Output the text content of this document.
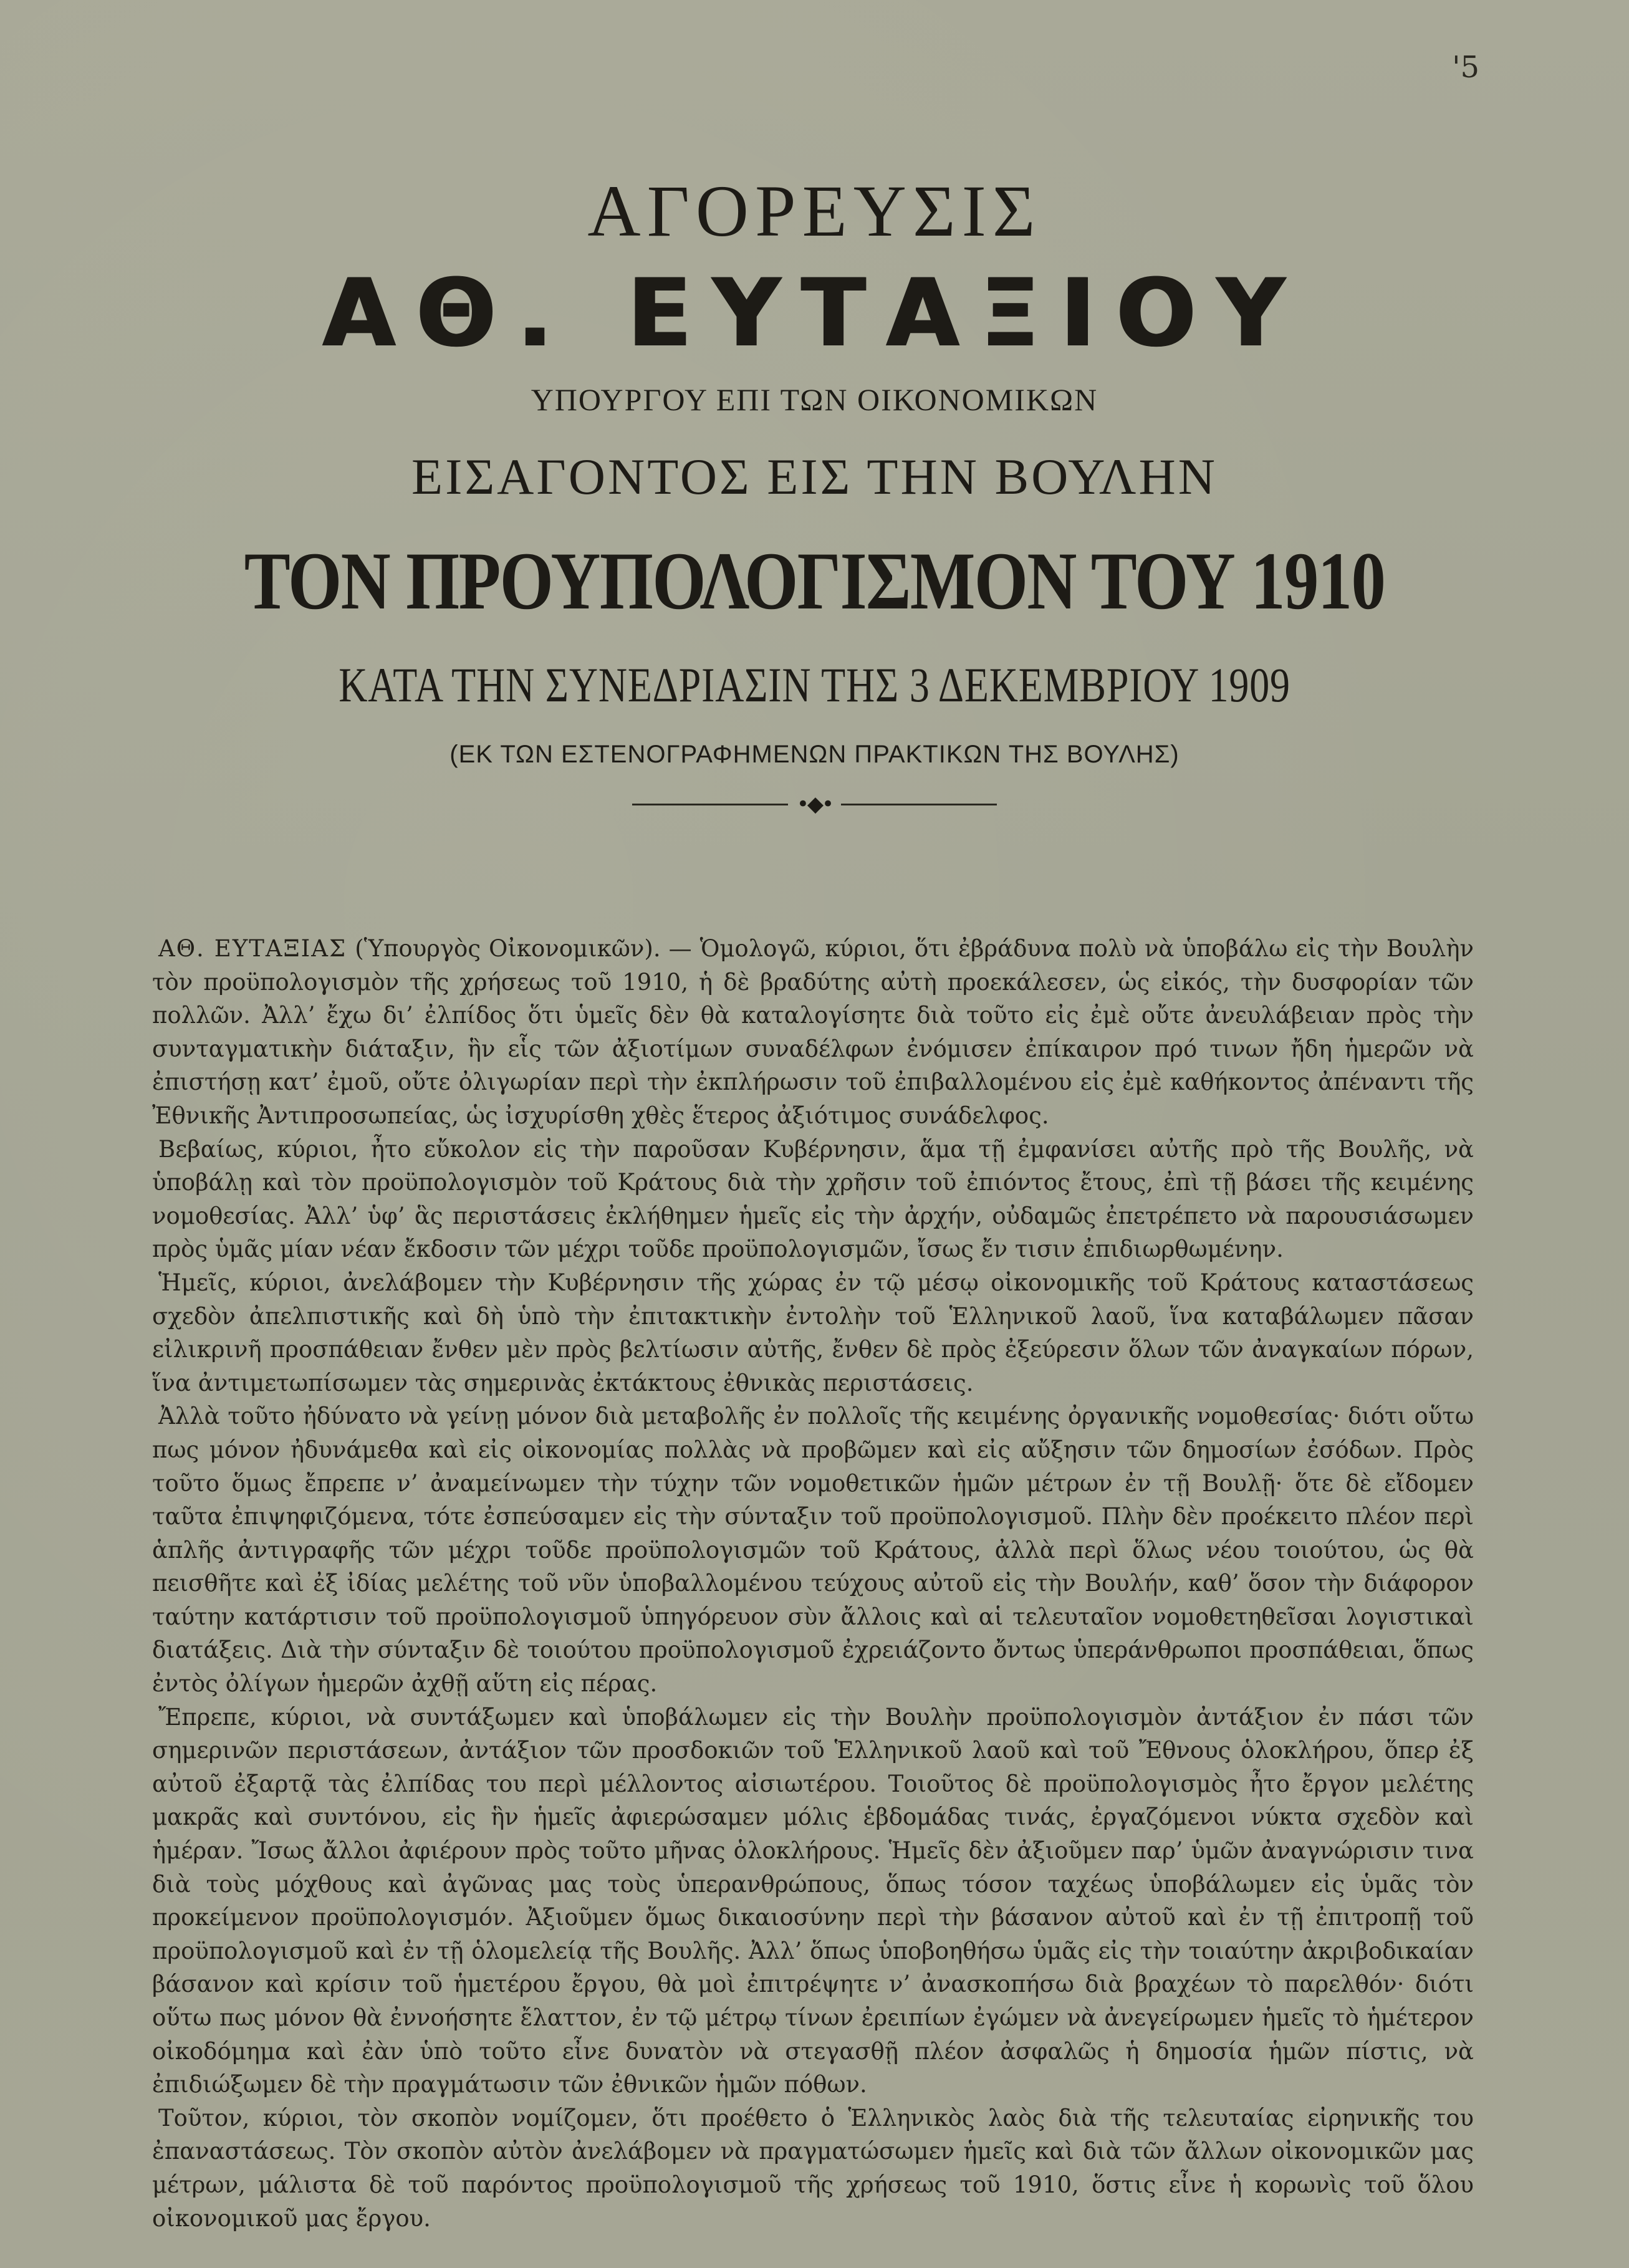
'5
ΑΓΟΡΕΥΣΙΣ
ΑΘ. ΕΥΤΑΞΙΟΥ
ΥΠΟΥΡΓΟΥ ΕΠΙ ΤΩΝ ΟΙΚΟΝΟΜΙΚΩΝ
ΕΙΣΑΓΟΝΤΟΣ ΕΙΣ ΤΗΝ ΒΟΥΛΗΝ
ΤΟΝ ΠΡΟΥΠΟΛΟΓΙΣΜΟΝ ΤΟΥ 1910
ΚΑΤΑ ΤΗΝ ΣΥΝΕΔΡΙΑΣΙΝ ΤΗΣ 3 ΔΕΚΕΜΒΡΙΟΥ 1909
(ΕΚ ΤΩΝ ΕΣΤΕΝΟΓΡΑΦΗΜΕΝΩΝ ΠΡΑΚΤΙΚΩΝ ΤΗΣ ΒΟΥΛΗΣ)
•◆•

ΑΘ. ΕΥΤΑΞΙΑΣ (Ὑπουργὸς Οἰκονομικῶν). — Ὁμολογῶ, κύριοι, ὅτι ἐβράδυνα πολὺ νὰ ὑποβάλω εἰς τὴν Βουλὴν τὸν προϋπολογισμὸν τῆς χρήσεως τοῦ 1910, ἡ δὲ βραδύτης αὐτὴ προεκάλεσεν, ὡς εἰκός, τὴν δυσφορίαν τῶν πολλῶν. Ἀλλ’ ἔχω δι’ ἐλπίδος ὅτι ὑμεῖς δὲν θὰ καταλογίσητε διὰ τοῦτο εἰς ἐμὲ οὔτε ἀνευλάβειαν πρὸς τὴν συνταγματικὴν διάταξιν, ἣν εἷς τῶν ἀξιοτίμων συναδέλφων ἐνόμισεν ἐπίκαιρον πρό τινων ἤδη ἡμερῶν νὰ ἐπιστήσῃ κατ’ ἐμοῦ, οὔτε ὀλιγωρίαν περὶ τὴν ἐκπλήρωσιν τοῦ ἐπιβαλλομένου εἰς ἐμὲ καθήκοντος ἀπέναντι τῆς Ἐθνικῆς Ἀντιπροσωπείας, ὡς ἰσχυρίσθη χθὲς ἕτερος ἀξιότιμος συνάδελφος.

Βεβαίως, κύριοι, ἦτο εὔκολον εἰς τὴν παροῦσαν Κυβέρνησιν, ἅμα τῇ ἐμφανίσει αὐτῆς πρὸ τῆς Βουλῆς, νὰ ὑποβάλῃ καὶ τὸν προϋπολογισμὸν τοῦ Κράτους διὰ τὴν χρῆσιν τοῦ ἐπιόντος ἔτους, ἐπὶ τῇ βάσει τῆς κειμένης νομοθεσίας. Ἀλλ’ ὑφ’ ἃς περιστάσεις ἐκλήθημεν ἡμεῖς εἰς τὴν ἀρχήν, οὐδαμῶς ἐπετρέπετο νὰ παρουσιάσωμεν πρὸς ὑμᾶς μίαν νέαν ἔκδοσιν τῶν μέχρι τοῦδε προϋπολογισμῶν, ἴσως ἔν τισιν ἐπιδιωρθωμένην.

Ἡμεῖς, κύριοι, ἀνελάβομεν τὴν Κυβέρνησιν τῆς χώρας ἐν τῷ μέσῳ οἰκονομικῆς τοῦ Κράτους καταστάσεως σχεδὸν ἀπελπιστικῆς καὶ δὴ ὑπὸ τὴν ἐπιτακτικὴν ἐντολὴν τοῦ Ἑλληνικοῦ λαοῦ, ἵνα καταβάλωμεν πᾶσαν εἰλικρινῆ προσπάθειαν ἔνθεν μὲν πρὸς βελτίωσιν αὐτῆς, ἔνθεν δὲ πρὸς ἐξεύρεσιν ὅλων τῶν ἀναγκαίων πόρων, ἵνα ἀντιμετωπίσωμεν τὰς σημερινὰς ἐκτάκτους ἐθνικὰς περιστάσεις.

Ἀλλὰ τοῦτο ἠδύνατο νὰ γείνῃ μόνον διὰ μεταβολῆς ἐν πολλοῖς τῆς κειμένης ὀργανικῆς νομοθεσίας· διότι οὕτω πως μόνον ἠδυνάμεθα καὶ εἰς οἰκονομίας πολλὰς νὰ προβῶμεν καὶ εἰς αὔξησιν τῶν δημοσίων ἐσόδων. Πρὸς τοῦτο ὅμως ἔπρεπε ν’ ἀναμείνωμεν τὴν τύχην τῶν νομοθετικῶν ἡμῶν μέτρων ἐν τῇ Βουλῇ· ὅτε δὲ εἴδομεν ταῦτα ἐπιψηφιζόμενα, τότε ἐσπεύσαμεν εἰς τὴν σύνταξιν τοῦ προϋπολογισμοῦ. Πλὴν δὲν προέκειτο πλέον περὶ ἁπλῆς ἀντιγραφῆς τῶν μέχρι τοῦδε προϋπολογισμῶν τοῦ Κράτους, ἀλλὰ περὶ ὅλως νέου τοιούτου, ὡς θὰ πεισθῆτε καὶ ἐξ ἰδίας μελέτης τοῦ νῦν ὑποβαλλομένου τεύχους αὐτοῦ εἰς τὴν Βουλήν, καθ’ ὅσον τὴν διάφορον ταύτην κατάρτισιν τοῦ προϋπολογισμοῦ ὑπηγόρευον σὺν ἄλλοις καὶ αἱ τελευταῖον νομοθετηθεῖσαι λογιστικαὶ διατάξεις. Διὰ τὴν σύνταξιν δὲ τοιούτου προϋπολογισμοῦ ἐχρειάζοντο ὄντως ὑπεράνθρωποι προσπάθειαι, ὅπως ἐντὸς ὀλίγων ἡμερῶν ἀχθῇ αὕτη εἰς πέρας.

Ἔπρεπε, κύριοι, νὰ συντάξωμεν καὶ ὑποβάλωμεν εἰς τὴν Βουλὴν προϋπολογισμὸν ἀντάξιον ἐν πάσι τῶν σημερινῶν περιστάσεων, ἀντάξιον τῶν προσδοκιῶν τοῦ Ἑλληνικοῦ λαοῦ καὶ τοῦ Ἔθνους ὁλοκλήρου, ὅπερ ἐξ αὐτοῦ ἐξαρτᾷ τὰς ἐλπίδας του περὶ μέλλοντος αἰσιωτέρου. Τοιοῦτος δὲ προϋπολογισμὸς ἦτο ἔργον μελέτης μακρᾶς καὶ συντόνου, εἰς ἣν ἡμεῖς ἀφιερώσαμεν μόλις ἑβδομάδας τινάς, ἐργαζόμενοι νύκτα σχεδὸν καὶ ἡμέραν. Ἴσως ἄλλοι ἀφιέρουν πρὸς τοῦτο μῆνας ὁλοκλήρους. Ἡμεῖς δὲν ἀξιοῦμεν παρ’ ὑμῶν ἀναγνώρισιν τινα διὰ τοὺς μόχθους καὶ ἀγῶνας μας τοὺς ὑπερανθρώπους, ὅπως τόσον ταχέως ὑποβάλωμεν εἰς ὑμᾶς τὸν προκείμενον προϋπολογισμόν. Ἀξιοῦμεν ὅμως δικαιοσύνην περὶ τὴν βάσανον αὐτοῦ καὶ ἐν τῇ ἐπιτροπῇ τοῦ προϋπολογισμοῦ καὶ ἐν τῇ ὁλομελείᾳ τῆς Βουλῆς. Ἀλλ’ ὅπως ὑποβοηθήσω ὑμᾶς εἰς τὴν τοιαύτην ἀκριβοδικαίαν βάσανον καὶ κρίσιν τοῦ ἡμετέρου ἔργου, θὰ μοὶ ἐπιτρέψητε ν’ ἀνασκοπήσω διὰ βραχέων τὸ παρελθόν· διότι οὕτω πως μόνον θὰ ἐννοήσητε ἔλαττον, ἐν τῷ μέτρῳ τίνων ἐρειπίων ἐγώμεν νὰ ἀνεγείρωμεν ἡμεῖς τὸ ἡμέτερον οἰκοδόμημα καὶ ἐὰν ὑπὸ τοῦτο εἶνε δυνατὸν νὰ στεγασθῇ πλέον ἀσφαλῶς ἡ δημοσία ἡμῶν πίστις, νὰ ἐπιδιώξωμεν δὲ τὴν πραγμάτωσιν τῶν ἐθνικῶν ἡμῶν πόθων.

Τοῦτον, κύριοι, τὸν σκοπὸν νομίζομεν, ὅτι προέθετο ὁ Ἑλληνικὸς λαὸς διὰ τῆς τελευταίας εἰρηνικῆς του ἐπαναστάσεως. Τὸν σκοπὸν αὐτὸν ἀνελάβομεν νὰ πραγματώσωμεν ἡμεῖς καὶ διὰ τῶν ἄλλων οἰκονομικῶν μας μέτρων, μάλιστα δὲ τοῦ παρόντος προϋπολογισμοῦ τῆς χρήσεως τοῦ 1910, ὅστις εἶνε ἡ κορωνὶς τοῦ ὅλου οἰκονομικοῦ μας ἔργου.
